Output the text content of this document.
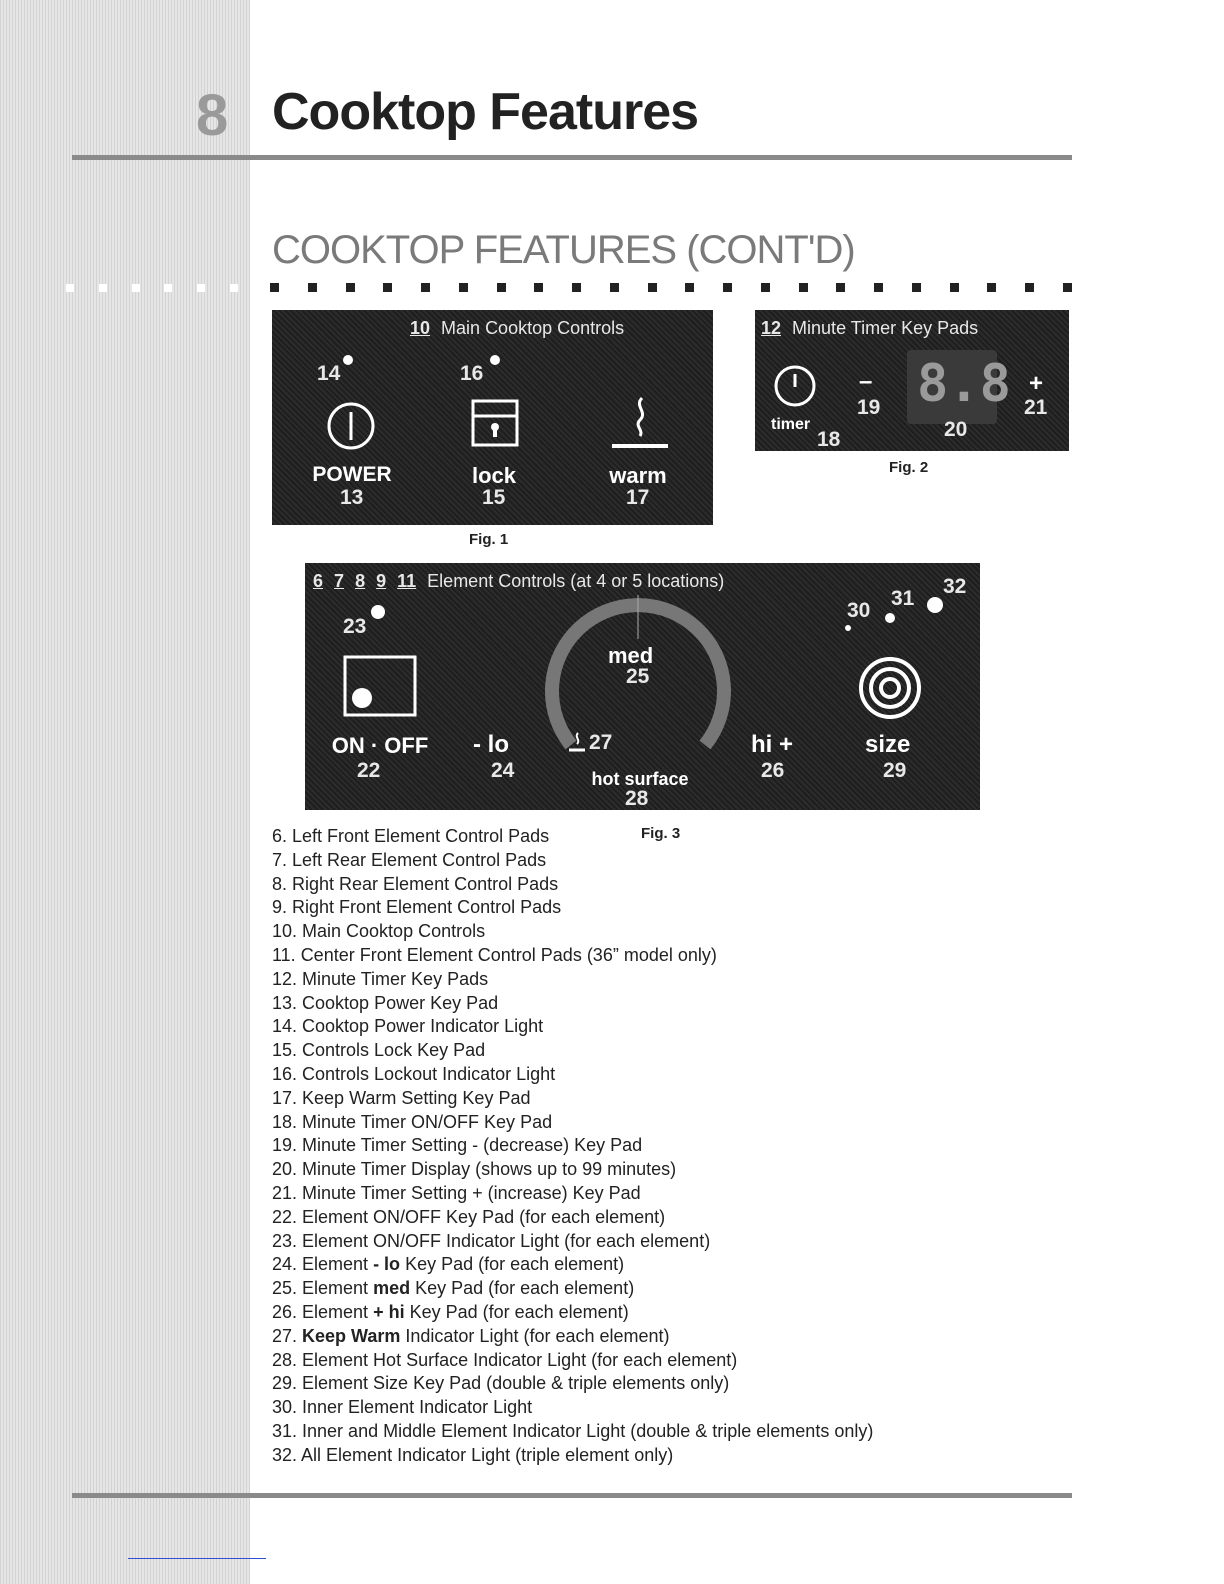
8 Cooktop Features
COOKTOP FEATURES (CONT'D)
10 Main Cooktop Controls
14
POWER
13
16
lock
15
warm
17
Fig. 1
12 Minute Timer Key Pads
timer
18
–
19 8.8
20
+
21
Fig. 2
6 7 8 9 11 Element Controls (at 4 or 5 locations)
23
ON · OFF
22
- lo
24
med
25
27
hot surface
28
hi +
26
30
31
32
size
29
Fig. 3
6. Left Front Element Control Pads
7. Left Rear Element Control Pads
8. Right Rear Element Control Pads
9. Right Front Element Control Pads
10. Main Cooktop Controls
11. Center Front Element Control Pads (36” model only)
12. Minute Timer Key Pads
13. Cooktop Power Key Pad
14. Cooktop Power Indicator Light
15. Controls Lock Key Pad
16. Controls Lockout Indicator Light
17. Keep Warm Setting Key Pad
18. Minute Timer ON/OFF Key Pad
19. Minute Timer Setting - (decrease) Key Pad
20. Minute Timer Display (shows up to 99 minutes)
21. Minute Timer Setting + (increase) Key Pad
22. Element ON/OFF Key Pad (for each element)
23. Element ON/OFF Indicator Light (for each element)
24. Element - lo Key Pad (for each element)
25. Element med Key Pad (for each element)
26. Element + hi Key Pad (for each element)
27. Keep Warm Indicator Light (for each element)
28. Element Hot Surface Indicator Light (for each element)
29. Element Size Key Pad (double & triple elements only)
30. Inner Element Indicator Light
31. Inner and Middle Element Indicator Light (double & triple elements only)
32. All Element Indicator Light (triple element only)
